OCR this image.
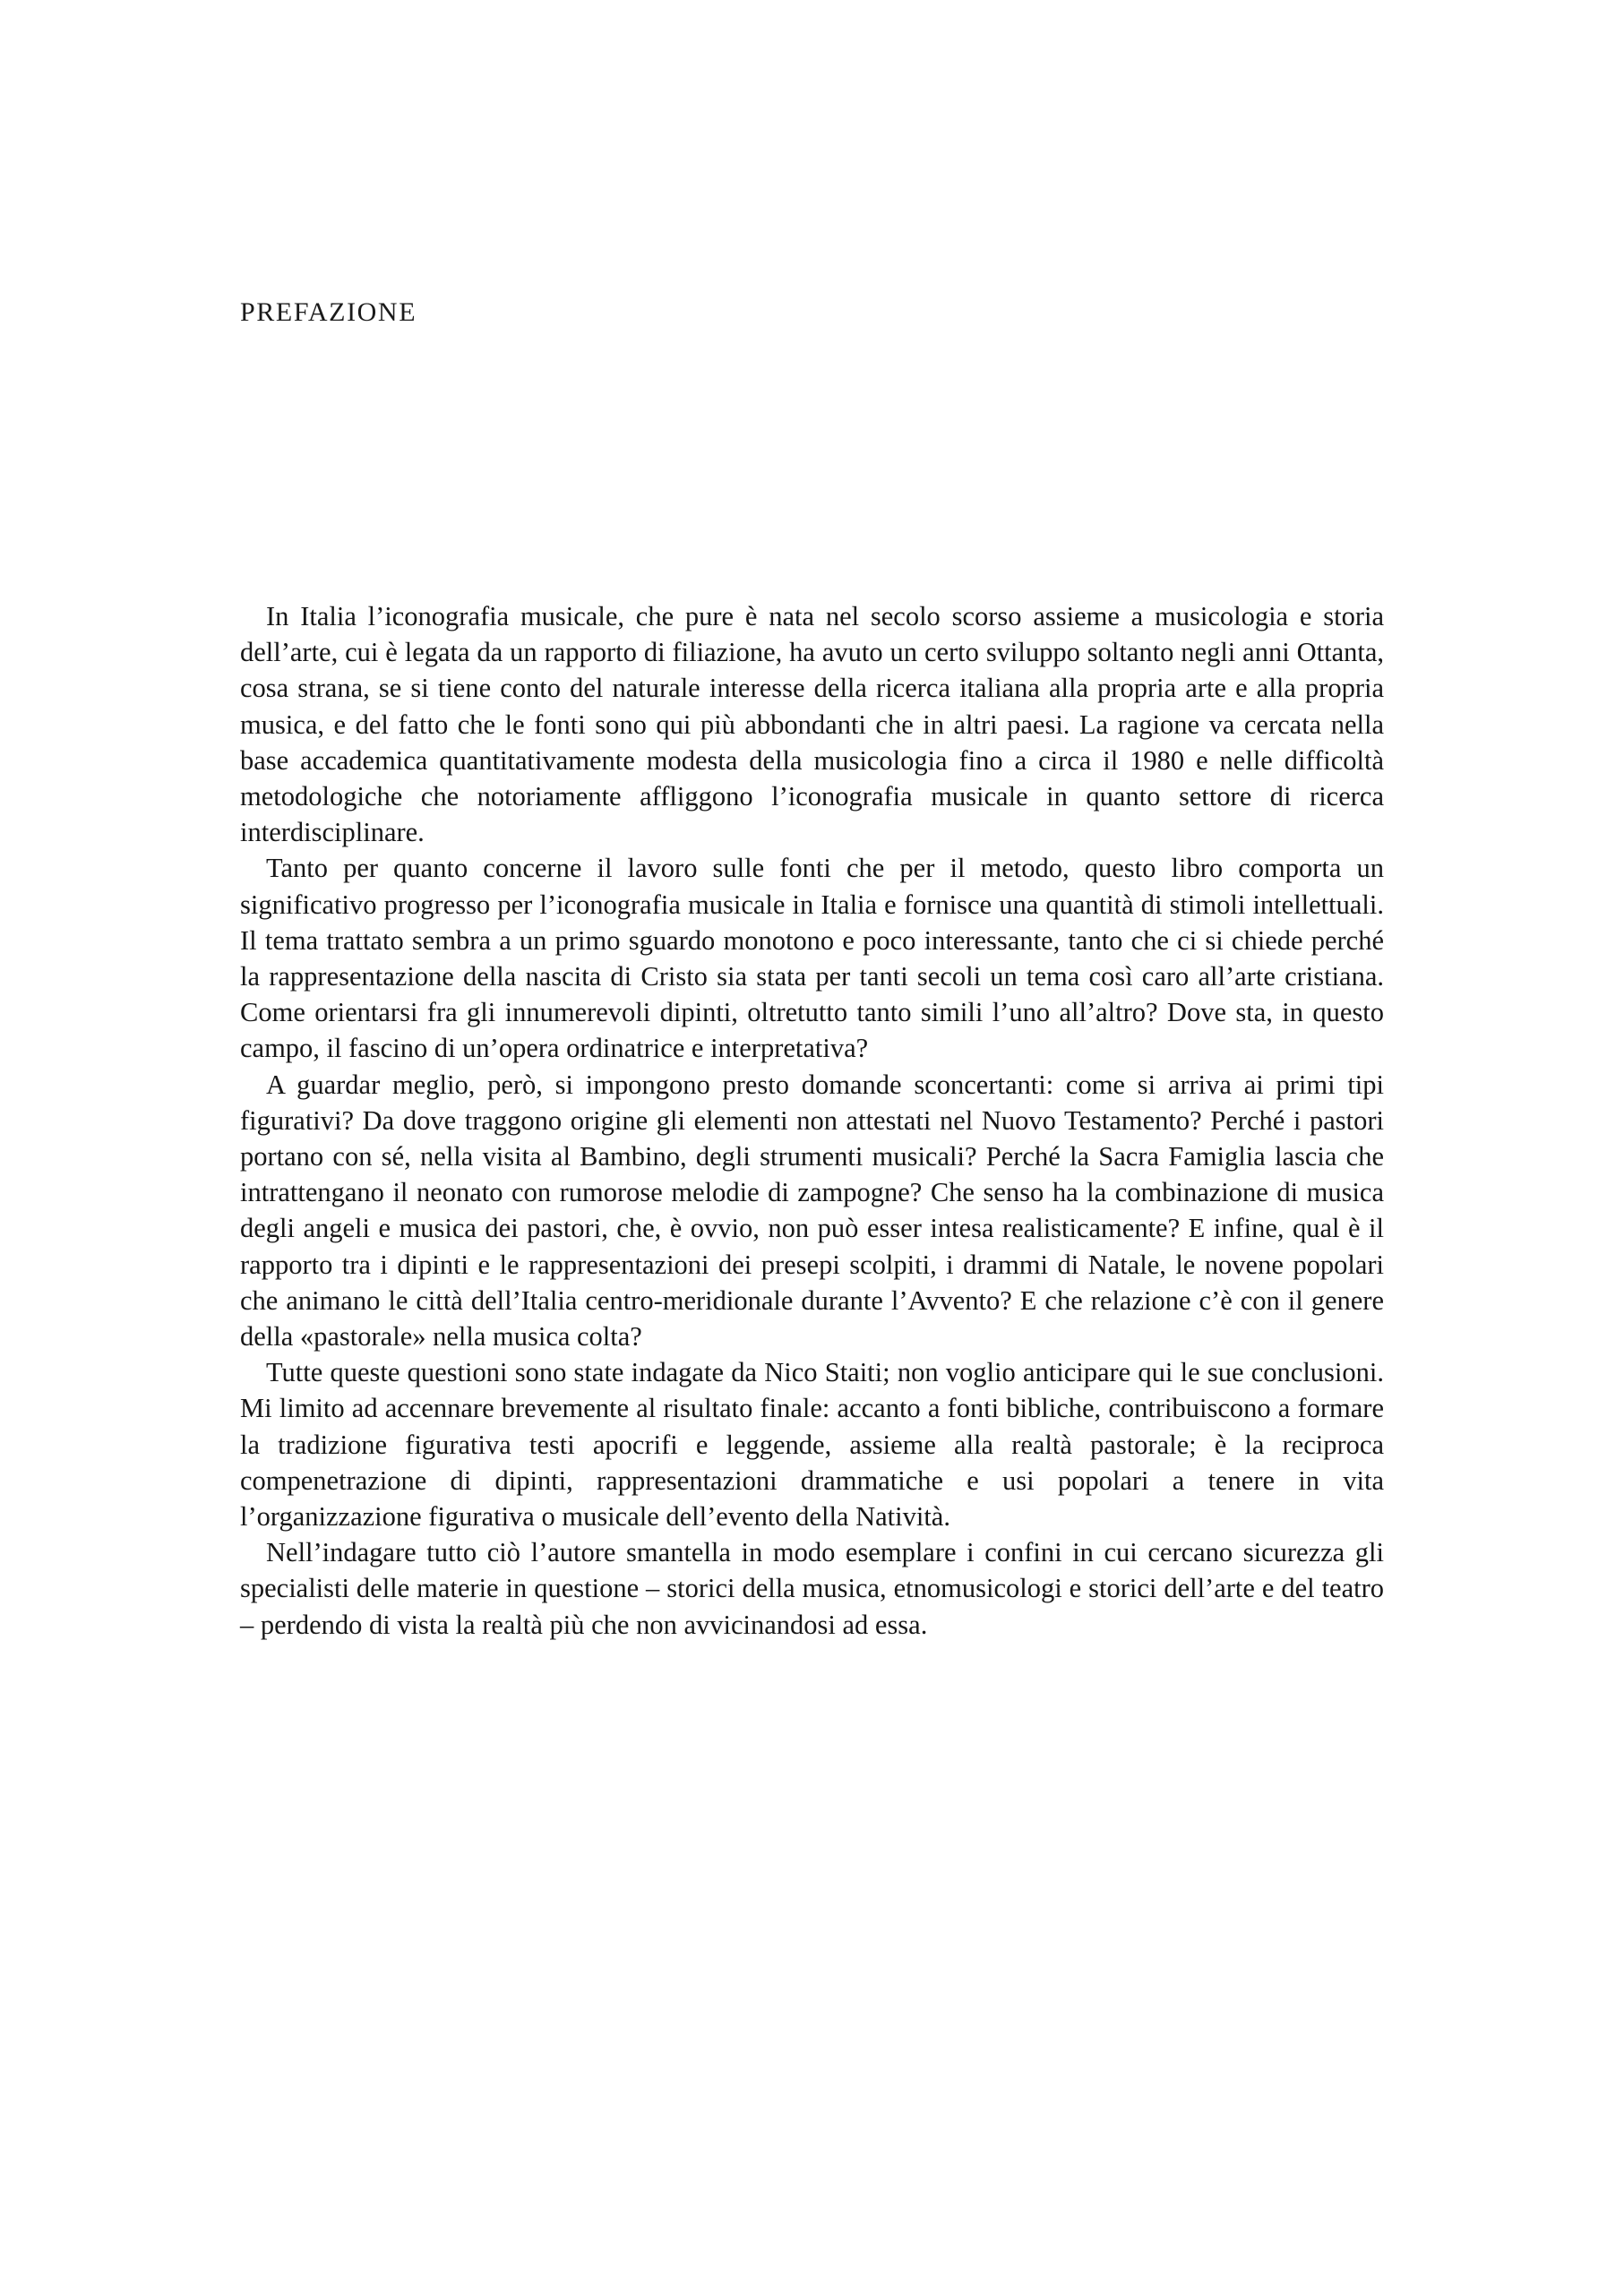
PREFAZIONE

In Italia l’iconografia musicale, che pure è nata nel secolo scorso assieme a musicologia e storia dell’arte, cui è legata da un rapporto di filiazione, ha avuto un certo sviluppo soltanto negli anni Ottanta, cosa strana, se si tiene conto del naturale interesse della ricerca italiana alla propria arte e alla propria musica, e del fatto che le fonti sono qui più abbondanti che in altri paesi. La ragione va cercata nella base accademica quantitativamente modesta della musicologia fino a circa il 1980 e nelle difficoltà metodologiche che notoriamente affliggono l’iconografia musicale in quanto settore di ricerca interdisciplinare.

Tanto per quanto concerne il lavoro sulle fonti che per il metodo, questo libro comporta un significativo progresso per l’iconografia musicale in Italia e fornisce una quantità di stimoli intellettuali. Il tema trattato sembra a un primo sguardo monotono e poco interessante, tanto che ci si chiede perché la rappresentazione della nascita di Cristo sia stata per tanti secoli un tema così caro all’arte cristiana. Come orientarsi fra gli innumerevoli dipinti, oltretutto tanto simili l’uno all’altro? Dove sta, in questo campo, il fascino di un’opera ordinatrice e interpretativa?

A guardar meglio, però, si impongono presto domande sconcertanti: come si arriva ai primi tipi figurativi? Da dove traggono origine gli elementi non attestati nel Nuovo Testamento? Perché i pastori portano con sé, nella visita al Bambino, degli strumenti musicali? Perché la Sacra Famiglia lascia che intrattengano il neonato con rumorose melodie di zampogne? Che senso ha la combinazione di musica degli angeli e musica dei pastori, che, è ovvio, non può esser intesa realisticamente? E infine, qual è il rapporto tra i dipinti e le rappresentazioni dei presepi scolpiti, i drammi di Natale, le novene popolari che animano le città dell’Italia centro-meridionale durante l’Avvento? E che relazione c’è con il genere della «pastorale» nella musica colta?

Tutte queste questioni sono state indagate da Nico Staiti; non voglio anticipare qui le sue conclusioni. Mi limito ad accennare brevemente al risultato finale: accanto a fonti bibliche, contribuiscono a formare la tradizione figurativa testi apocrifi e leggende, assieme alla realtà pastorale; è la reciproca compenetrazione di dipinti, rappresentazioni drammatiche e usi popolari a tenere in vita l’organizzazione figurativa o musicale dell’evento della Natività.

Nell’indagare tutto ciò l’autore smantella in modo esemplare i confini in cui cercano sicurezza gli specialisti delle materie in questione – storici della musica, etnomusicologi e storici dell’arte e del teatro – perdendo di vista la realtà più che non avvicinandosi ad essa.
